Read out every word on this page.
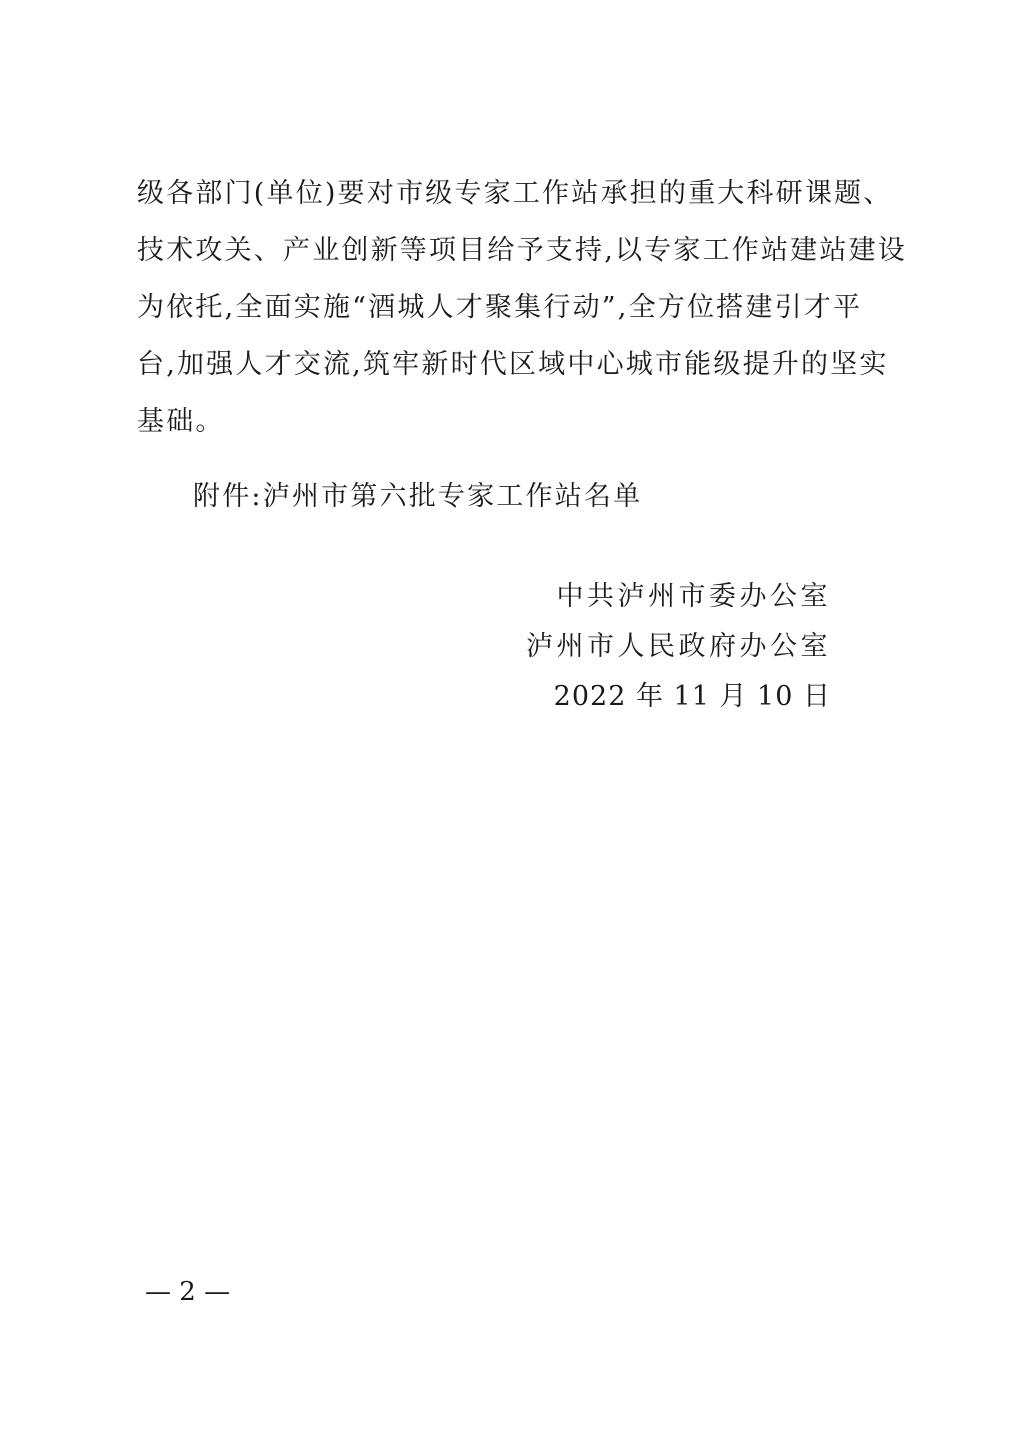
级各部门(单位)要对市级专家工作站承担的重大科研课题、
技术攻关、产业创新等项目给予支持,以专家工作站建站建设
为依托,全面实施“酒城人才聚集行动”,全方位搭建引才平
台,加强人才交流,筑牢新时代区域中心城市能级提升的坚实
基础。

附件:泸州市第六批专家工作站名单

中共泸州市委办公室
泸州市人民政府办公室
2022 年 11 月 10 日
— 2 —
